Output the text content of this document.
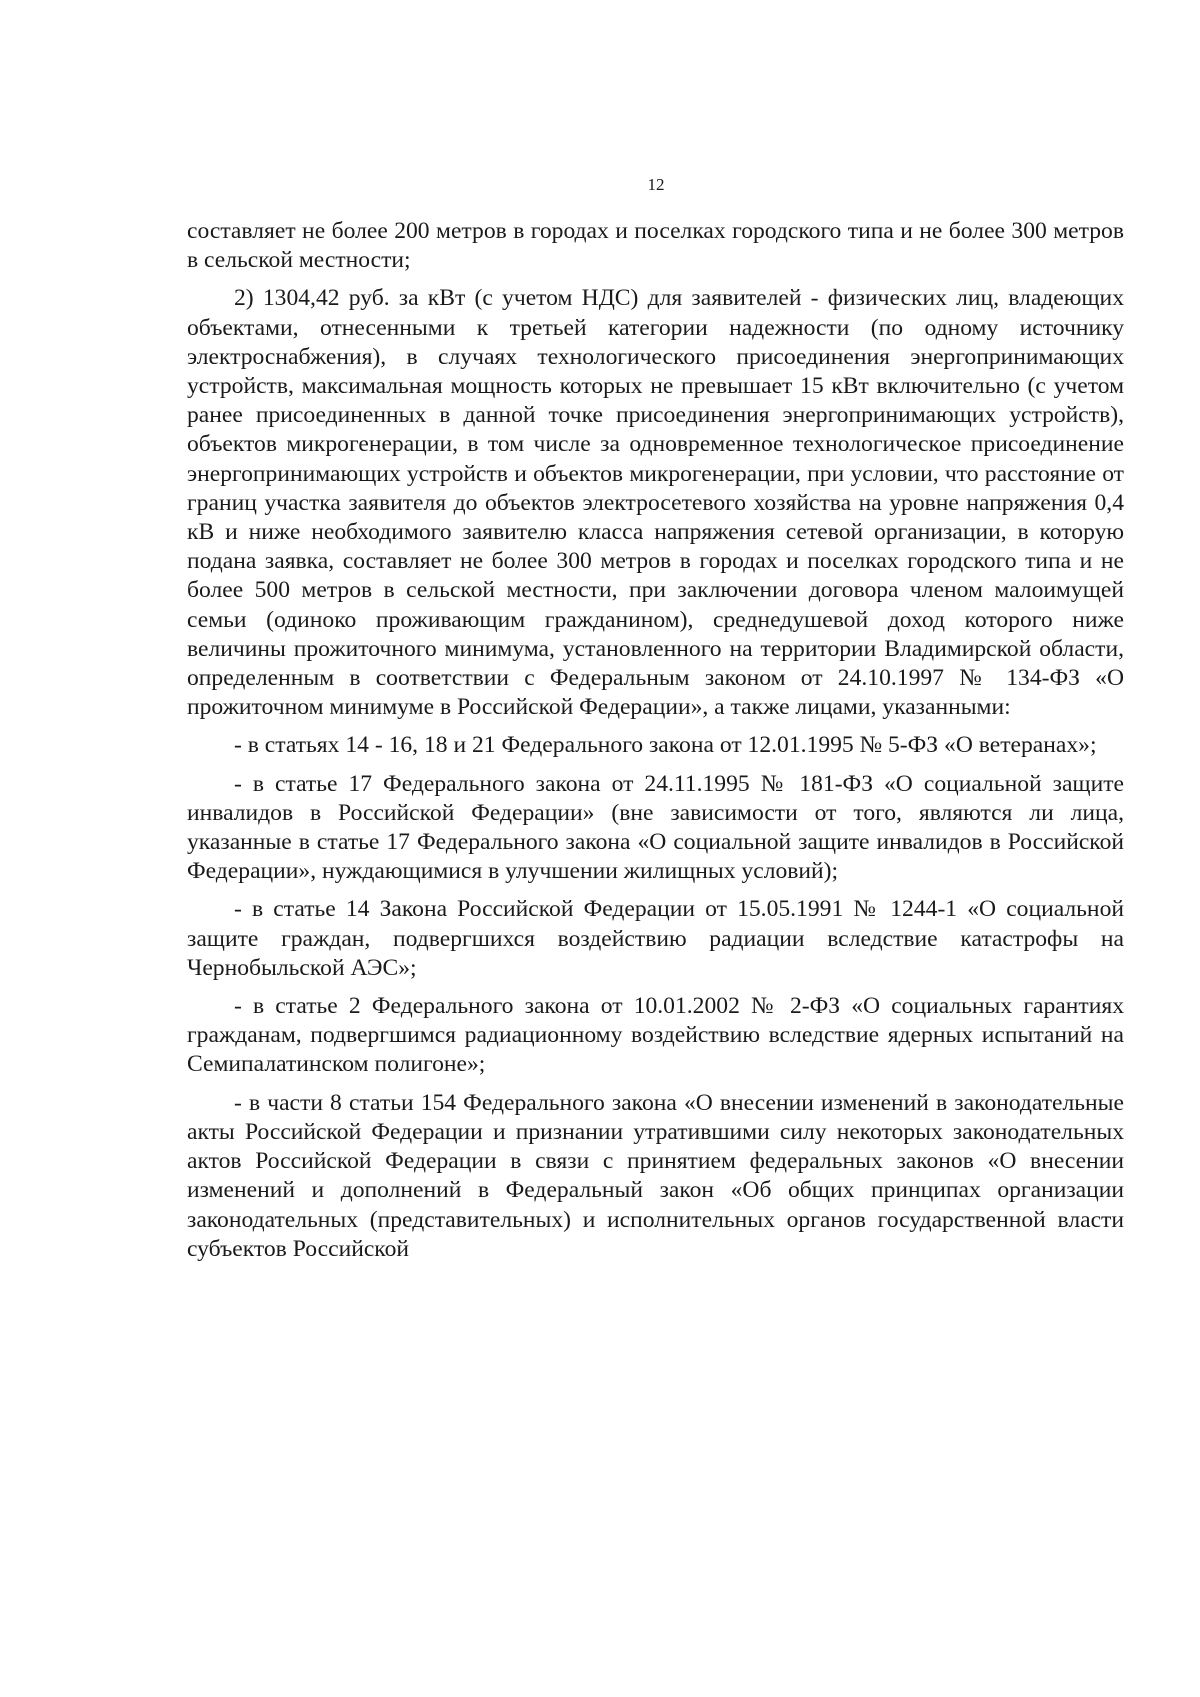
12

составляет не более 200 метров в городах и поселках городского типа и не более 300 метров в сельской местности;

2) 1304,42 руб. за кВт (с учетом НДС) для заявителей - физических лиц, владеющих объектами, отнесенными к третьей категории надежности (по одному источнику электроснабжения), в случаях технологического присоединения энергопринимающих устройств, максимальная мощность которых не превышает 15 кВт включительно (с учетом ранее присоединенных в данной точке присоединения энергопринимающих устройств), объектов микрогенерации, в том числе за одновременное технологическое присоединение энергопринимающих устройств и объектов микрогенерации, при условии, что расстояние от границ участка заявителя до объектов электросетевого хозяйства на уровне напряжения 0,4 кВ и ниже необходимого заявителю класса напряжения сетевой организации, в которую подана заявка, составляет не более 300 метров в городах и поселках городского типа и не более 500 метров в сельской местности, при заключении договора членом малоимущей семьи (одиноко проживающим гражданином), среднедушевой доход которого ниже величины прожиточного минимума, установленного на территории Владимирской области, определенным в соответствии с Федеральным законом от 24.10.1997 № 134-ФЗ «О прожиточном минимуме в Российской Федерации», а также лицами, указанными:

- в статьях 14 - 16, 18 и 21 Федерального закона от 12.01.1995 № 5-ФЗ «О ветеранах»;

- в статье 17 Федерального закона от 24.11.1995 № 181-ФЗ «О социальной защите инвалидов в Российской Федерации» (вне зависимости от того, являются ли лица, указанные в статье 17 Федерального закона «О социальной защите инвалидов в Российской Федерации», нуждающимися в улучшении жилищных условий);

- в статье 14 Закона Российской Федерации от 15.05.1991 № 1244-1 «О социальной защите граждан, подвергшихся воздействию радиации вследствие катастрофы на Чернобыльской АЭС»;

- в статье 2 Федерального закона от 10.01.2002 № 2-ФЗ «О социальных гарантиях гражданам, подвергшимся радиационному воздействию вследствие ядерных испытаний на Семипалатинском полигоне»;

- в части 8 статьи 154 Федерального закона «О внесении изменений в законодательные акты Российской Федерации и признании утратившими силу некоторых законодательных актов Российской Федерации в связи с принятием федеральных законов «О внесении изменений и дополнений в Федеральный закон «Об общих принципах организации законодательных (представительных) и исполнительных органов государственной власти субъектов Российской
